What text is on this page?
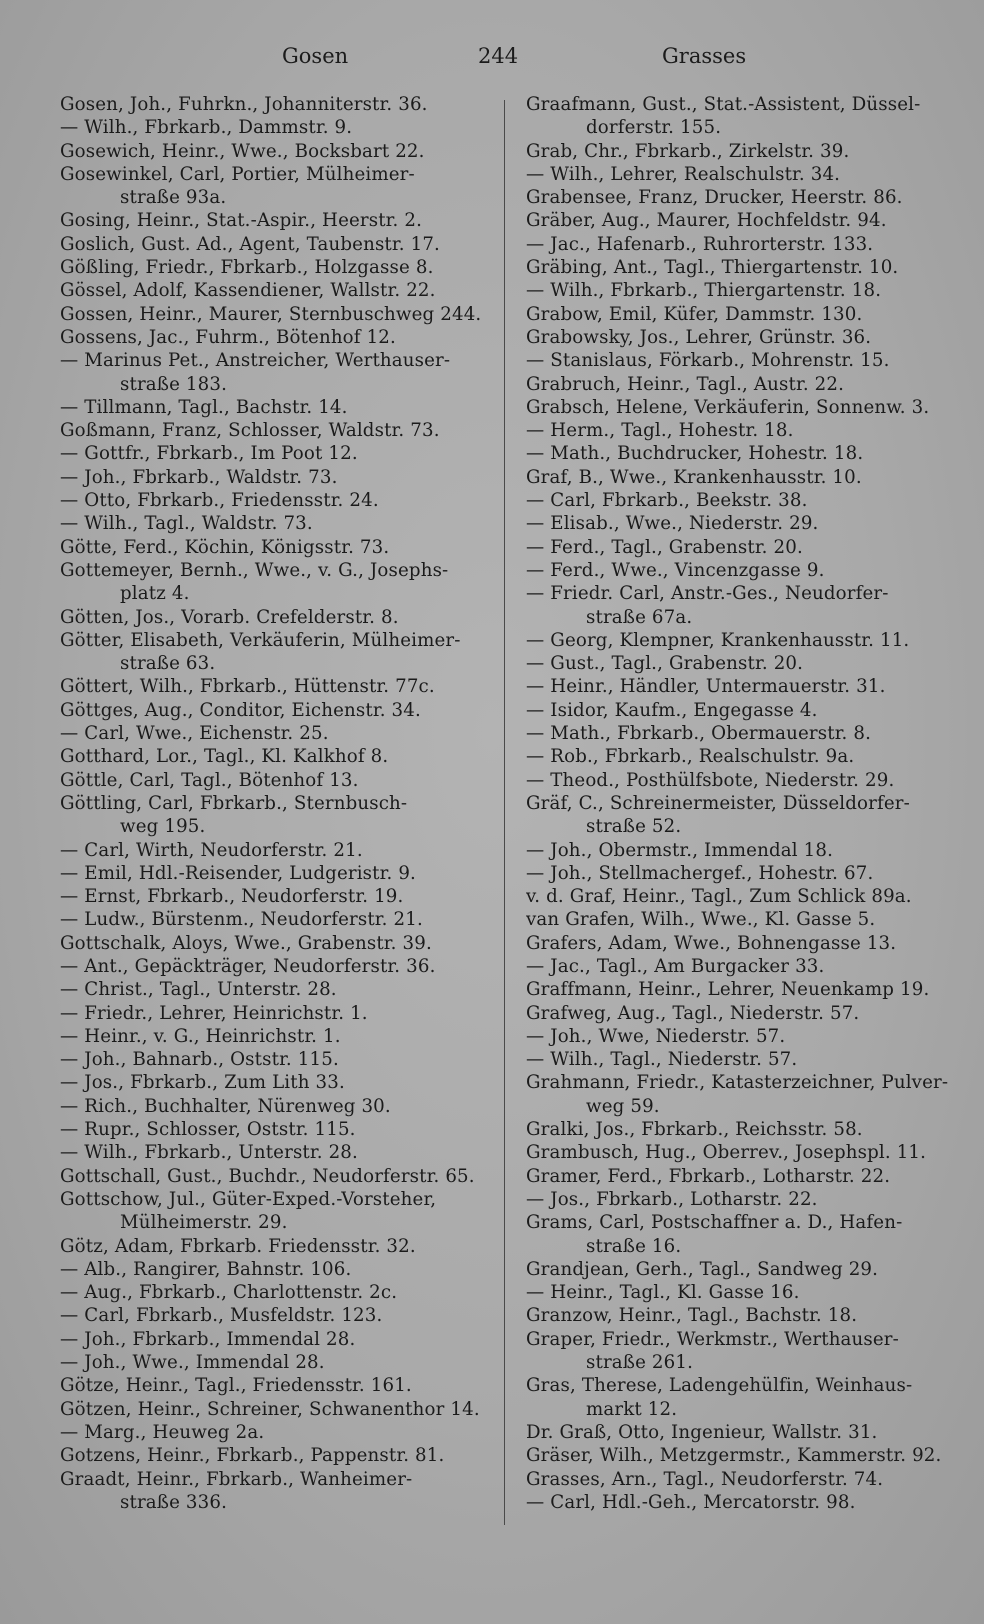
Gosen	244	Grasses
Gosen, Joh., Fuhrkn., Johanniterstr. 36.
— Wilh., Fbrkarb., Dammstr. 9.
Gosewich, Heinr., Wwe., Bocksbart 22.
Gosewinkel, Carl, Portier, Mülheimer-
straße 93a.
Gosing, Heinr., Stat.-Aspir., Heerstr. 2.
Goslich, Gust. Ad., Agent, Taubenstr. 17.
Gößling, Friedr., Fbrkarb., Holzgasse 8.
Gössel, Adolf, Kassendiener, Wallstr. 22.
Gossen, Heinr., Maurer, Sternbuschweg 244.
Gossens, Jac., Fuhrm., Bötenhof 12.
— Marinus Pet., Anstreicher, Werthauser-
straße 183.
— Tillmann, Tagl., Bachstr. 14.
Goßmann, Franz, Schlosser, Waldstr. 73.
— Gottfr., Fbrkarb., Im Poot 12.
— Joh., Fbrkarb., Waldstr. 73.
— Otto, Fbrkarb., Friedensstr. 24.
— Wilh., Tagl., Waldstr. 73.
Götte, Ferd., Köchin, Königsstr. 73.
Gottemeyer, Bernh., Wwe., v. G., Josephs-
platz 4.
Götten, Jos., Vorarb. Crefelderstr. 8.
Götter, Elisabeth, Verkäuferin, Mülheimer-
straße 63.
Göttert, Wilh., Fbrkarb., Hüttenstr. 77c.
Göttges, Aug., Conditor, Eichenstr. 34.
— Carl, Wwe., Eichenstr. 25.
Gotthard, Lor., Tagl., Kl. Kalkhof 8.
Göttle, Carl, Tagl., Bötenhof 13.
Göttling, Carl, Fbrkarb., Sternbusch-
weg 195.
— Carl, Wirth, Neudorferstr. 21.
— Emil, Hdl.-Reisender, Ludgeristr. 9.
— Ernst, Fbrkarb., Neudorferstr. 19.
— Ludw., Bürstenm., Neudorferstr. 21.
Gottschalk, Aloys, Wwe., Grabenstr. 39.
— Ant., Gepäckträger, Neudorferstr. 36.
— Christ., Tagl., Unterstr. 28.
— Friedr., Lehrer, Heinrichstr. 1.
— Heinr., v. G., Heinrichstr. 1.
— Joh., Bahnarb., Oststr. 115.
— Jos., Fbrkarb., Zum Lith 33.
— Rich., Buchhalter, Nürenweg 30.
— Rupr., Schlosser, Oststr. 115.
— Wilh., Fbrkarb., Unterstr. 28.
Gottschall, Gust., Buchdr., Neudorferstr. 65.
Gottschow, Jul., Güter-Exped.-Vorsteher,
Mülheimerstr. 29.
Götz, Adam, Fbrkarb. Friedensstr. 32.
— Alb., Rangirer, Bahnstr. 106.
— Aug., Fbrkarb., Charlottenstr. 2c.
— Carl, Fbrkarb., Musfeldstr. 123.
— Joh., Fbrkarb., Immendal 28.
— Joh., Wwe., Immendal 28.
Götze, Heinr., Tagl., Friedensstr. 161.
Götzen, Heinr., Schreiner, Schwanenthor 14.
— Marg., Heuweg 2a.
Gotzens, Heinr., Fbrkarb., Pappenstr. 81.
Graadt, Heinr., Fbrkarb., Wanheimer-
straße 336.
Graafmann, Gust., Stat.-Assistent, Düssel-
dorferstr. 155.
Grab, Chr., Fbrkarb., Zirkelstr. 39.
— Wilh., Lehrer, Realschulstr. 34.
Grabensee, Franz, Drucker, Heerstr. 86.
Gräber, Aug., Maurer, Hochfeldstr. 94.
— Jac., Hafenarb., Ruhrorterstr. 133.
Gräbing, Ant., Tagl., Thiergartenstr. 10.
— Wilh., Fbrkarb., Thiergartenstr. 18.
Grabow, Emil, Küfer, Dammstr. 130.
Grabowsky, Jos., Lehrer, Grünstr. 36.
— Stanislaus, Förkarb., Mohrenstr. 15.
Grabruch, Heinr., Tagl., Austr. 22.
Grabsch, Helene, Verkäuferin, Sonnenw. 3.
— Herm., Tagl., Hohestr. 18.
— Math., Buchdrucker, Hohestr. 18.
Graf, B., Wwe., Krankenhausstr. 10.
— Carl, Fbrkarb., Beekstr. 38.
— Elisab., Wwe., Niederstr. 29.
— Ferd., Tagl., Grabenstr. 20.
— Ferd., Wwe., Vincenzgasse 9.
— Friedr. Carl, Anstr.-Ges., Neudorfer-
straße 67a.
— Georg, Klempner, Krankenhausstr. 11.
— Gust., Tagl., Grabenstr. 20.
— Heinr., Händler, Untermauerstr. 31.
— Isidor, Kaufm., Engegasse 4.
— Math., Fbrkarb., Obermauerstr. 8.
— Rob., Fbrkarb., Realschulstr. 9a.
— Theod., Posthülfsbote, Niederstr. 29.
Gräf, C., Schreinermeister, Düsseldorfer-
straße 52.
— Joh., Obermstr., Immendal 18.
— Joh., Stellmachergef., Hohestr. 67.
v. d. Graf, Heinr., Tagl., Zum Schlick 89a.
van Grafen, Wilh., Wwe., Kl. Gasse 5.
Grafers, Adam, Wwe., Bohnengasse 13.
— Jac., Tagl., Am Burgacker 33.
Graffmann, Heinr., Lehrer, Neuenkamp 19.
Grafweg, Aug., Tagl., Niederstr. 57.
— Joh., Wwe, Niederstr. 57.
— Wilh., Tagl., Niederstr. 57.
Grahmann, Friedr., Katasterzeichner, Pulver-
weg 59.
Gralki, Jos., Fbrkarb., Reichsstr. 58.
Grambusch, Hug., Oberrev., Josephspl. 11.
Gramer, Ferd., Fbrkarb., Lotharstr. 22.
— Jos., Fbrkarb., Lotharstr. 22.
Grams, Carl, Postschaffner a. D., Hafen-
straße 16.
Grandjean, Gerh., Tagl., Sandweg 29.
— Heinr., Tagl., Kl. Gasse 16.
Granzow, Heinr., Tagl., Bachstr. 18.
Graper, Friedr., Werkmstr., Werthauser-
straße 261.
Gras, Therese, Ladengehülfin, Weinhaus-
markt 12.
Dr. Graß, Otto, Ingenieur, Wallstr. 31.
Gräser, Wilh., Metzgermstr., Kammerstr. 92.
Grasses, Arn., Tagl., Neudorferstr. 74.
— Carl, Hdl.-Geh., Mercatorstr. 98.
